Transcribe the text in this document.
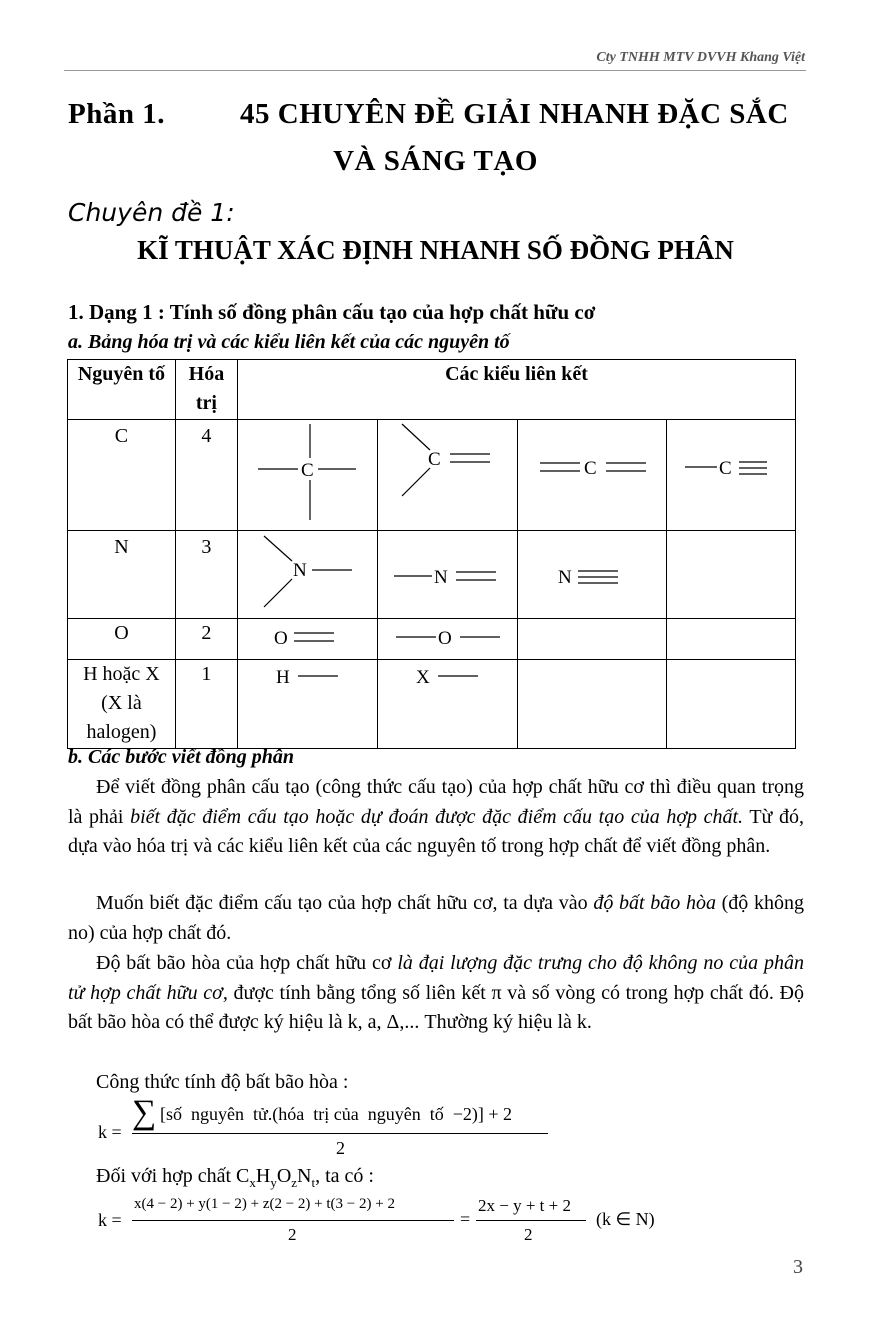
Cty TNHH MTV DVVH Khang Việt
Phần 1.	45 CHUYÊN ĐỀ GIẢI NHANH ĐẶC SẮC
VÀ SÁNG TẠO
Chuyên đề 1:
KĨ THUẬT XÁC ĐỊNH NHANH SỐ ĐỒNG PHÂN
1. Dạng 1 : Tính số đồng phân cấu tạo của hợp chất hữu cơ
a. Bảng hóa trị và các kiểu liên kết của các nguyên tố
Nguyên tố	Hóa trị	Các kiểu liên kết			
C	4	C	C	C	C

N	3	N	N	N	

O	2	O	O		

H hoặc X (X là halogen)	1	H	X		

b. Các bước viết đồng phân
Để viết đồng phân cấu tạo (công thức cấu tạo) của hợp chất hữu cơ thì điều quan trọng là phải biết đặc điểm cấu tạo hoặc dự đoán được đặc điểm cấu tạo của hợp chất. Từ đó, dựa vào hóa trị và các kiểu liên kết của các nguyên tố trong hợp chất để viết đồng phân.
Muốn biết đặc điểm cấu tạo của hợp chất hữu cơ, ta dựa vào độ bất bão hòa (độ không no) của hợp chất đó.
Độ bất bão hòa của hợp chất hữu cơ là đại lượng đặc trưng cho độ không no của phân tử hợp chất hữu cơ, được tính bằng tổng số liên kết π và số vòng có trong hợp chất đó. Độ bất bão hòa có thể được ký hiệu là k, a, Δ,... Thường ký hiệu là k.
Công thức tính độ bất bão hòa :
k =
∑ [số  nguyên  tử.(hóa  trị của  nguyên  tố  −2)] + 2
2
Đối với hợp chất $C_xH_yO_zN_t$, ta có :
k =
x(4 − 2) + y(1 − 2) + z(2 − 2) + t(3 − 2) + 2
2
=
2x − y + t + 2
2
(k ∈ N)
3
